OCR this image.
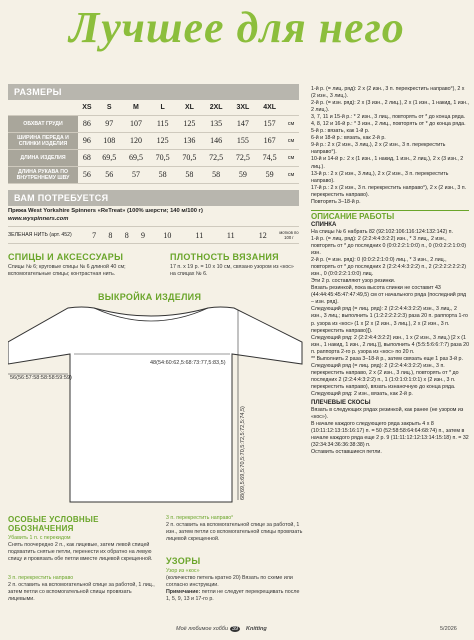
Лучшее для него
РАЗМЕРЫ
	XS	S	M	L	XL	2XL	3XL	4XL	
ОБХВАТ ГРУДИ	86	97	107	115	125	135	147	157	см
ШИРИНА ПЕРЕДА И СПИНКИ ИЗДЕЛИЯ	96	108	120	125	136	146	155	167	см
ДЛИНА ИЗДЕЛИЯ	68	69,5	69,5	70,5	70,5	72,5	72,5	74,5	см
ДЛИНА РУКАВА ПО ВНУТРЕННЕМУ ШВУ	56	56	57	58	58	58	59	59	см
ВАМ ПОТРЕБУЕТСЯ
Пряжа West Yorkshire Spinners «ReTreat» (100% шерсти; 140 м/100 г)
www.wyspinners.com
ЗЕЛЕНАЯ НИТЬ (арт. 452)	7	8	8	9	10	11	11	12	мотков по 100 г
СПИЦЫ И АКСЕССУАРЫ
Спицы № 6; круговые спицы № 6 длиной 40 см; вспомогательные спицы; контрастная нить.
ПЛОТНОСТЬ ВЯЗАНИЯ
17 п. х 19 р. = 10 х 10 см, связано узором из «кос» на спицах № 6.
ВЫКРОЙКА ИЗДЕЛИЯ
56(56:57:58:58:58:59:59)
48(54:60:62,5:68:73:77,5:83,5)
68(69,5:69,5:70,5:70,5:72,5:72,5:74,5)
ОСОБЫЕ УСЛОВНЫЕ ОБОЗНАЧЕНИЯ
Убавить 1 п. с перекидом
Снять поочередно 2 п., как лицевые, затем левой спицей подхватить снятые петли, перенести их обратно на левую спицу и провязать обе петли вместе лицевой скрещенной.
3 п. перекрестить направо
2 п. оставить на вспомогательной спице за работой, 1 лиц., затем петли со вспомогательной спицы провязать лицевыми.
3 п. перекрестить направо°
2 п. оставить на вспомогательной спице за работой, 1 изн., затем петли со вспомогательной спицы провязать лицевой скрещенной.
УЗОРЫ
Узор из «кос»
(количество петель кратно 20) Вязать по схеме или согласно инструкции.
Примечание: петли не следует перекрещивать после 1, 5, 9, 13 и 17-го р.

1-й р. (= лиц. ряд): 2 х (2 изн., 3 п. перекрестить направо°), 2 х (2 изн., 3 лиц.).

2-й р. (= изн. ряд): 2 х (3 изн., 2 лиц.), 2 х (1 изн., 1 накид, 1 изн., 2 лиц.).

3, 7, 11 и 15-й р.: * 2 изн., 3 лиц., повторять от * до конца ряда.

4, 8, 12 и 16-й р.: * 3 изн., 2 лиц., повторять от * до конца ряда.

5-й р.: вязать, как 1-й р.

6-й и 18-й р.: вязать, как 2-й р.

9-й р.: 2 х (2 изн., 3 лиц.), 2 х (2 изн., 3 п. перекрестить направо°).

10-й и 14-й р.: 2 х (1 изн., 1 накид, 1 изн., 2 лиц.), 2 х (3 изн., 2 лиц.).

13-й р.: 2 х (2 изн., 3 лиц.), 2 х (2 изн., 3 п. перекрестить направо).

17-й р.: 2 х (2 изн., 3 п. перекрестить направо°), 2 х (2 изн., 3 п. перекрестить направо).

Повторять 3–18-й р.

ОПИСАНИЕ РАБОТЫ
СПИНКА

На спицы № 6 набрать 82 (92:102:106:116:124:132:142) п.

1-й р. (= лиц. ряд): 2 (2:2:4:4:3:2:2) изн., * 3 лиц., 2 изн., повторять от * до последних 0 (0:0:2:2:1:0:0) п., 0 (0:0:2:2:1:0:0) изн.

2-й р. (= изн. ряд): 0 (0:0:2:2:1:0:0) лиц., * 3 изн., 2 лиц., повторять от * до последних 2 (2:2:4:4:3:2:2) п., 2 (2:2:2:2:2:2:2) изн., 0 (0:0:2:2:1:0:0) лиц.

Эти 2 р. составляют узор резинки.

Вязать резинкой, пока высота спинки не составит 43 (44:44:45:45:47:47:49,5) см от начального ряда (последний ряд – изн. ряд).

Следующий ряд (= лиц. ряд): 2 (2:2:4:4:3:2:2) изн., 3 лиц., 2 изн., 3 лиц.; выполнить 1 (1:2:2:2:2:2:3) раза 20 п. раппорта 1-го р. узора из «кос» (1 х [2 х (2 изн., 3 лиц.), 2 х (2 изн., 3 п. перекрестить направо)]).

Следующий ряд: 2 (2:2:4:4:3:2:2) изн., 1 х (2 изн., 3 лиц.) [2 х (1 изн., 1 накид, 1 изн., 2 лиц.)], выполнить 4 (5:5:5:6:6:7:7) раза 20 п. раппорта 2-го р. узора из «кос» по 20 п.

** Выполнить 2 раза 3–18-й р., затем связать еще 1 раз 3-й р.

Следующий ряд (= лиц. ряд): 2 (2:2:4:4:3:2:2) изн., 3 п. перекрестить направо, 2 х (2 изн., 3 лиц.), повторять от * до последних 2 (2:2:4:4:3:2:2) п., 1 (1:0:1:0:1:0:1) х (2 изн., 3 п. перекрестить направо), вязать изнаночную до конца ряда.

Следующий ряд: 2 изн., вязать, как 2-й р.

ПЛЕЧЕВЫЕ СКОСЫ

Вязать в следующих рядах резинкой, как ранее (не узором из «кос»).

В начале каждого следующего ряда закрыть 4 х 8 (10:11:12:13:15:16:17) п. = 50 (52:58:58:64:64:68:74) п., затем в начале каждого ряда еще 2 р. 9 (11:11:12:12:13:14:15:18) п. = 32 (32:34:34:36:36:38:38) п.

Оставить оставшиеся петли.

Моё любимое хобби 39	Knitting	5/2026
